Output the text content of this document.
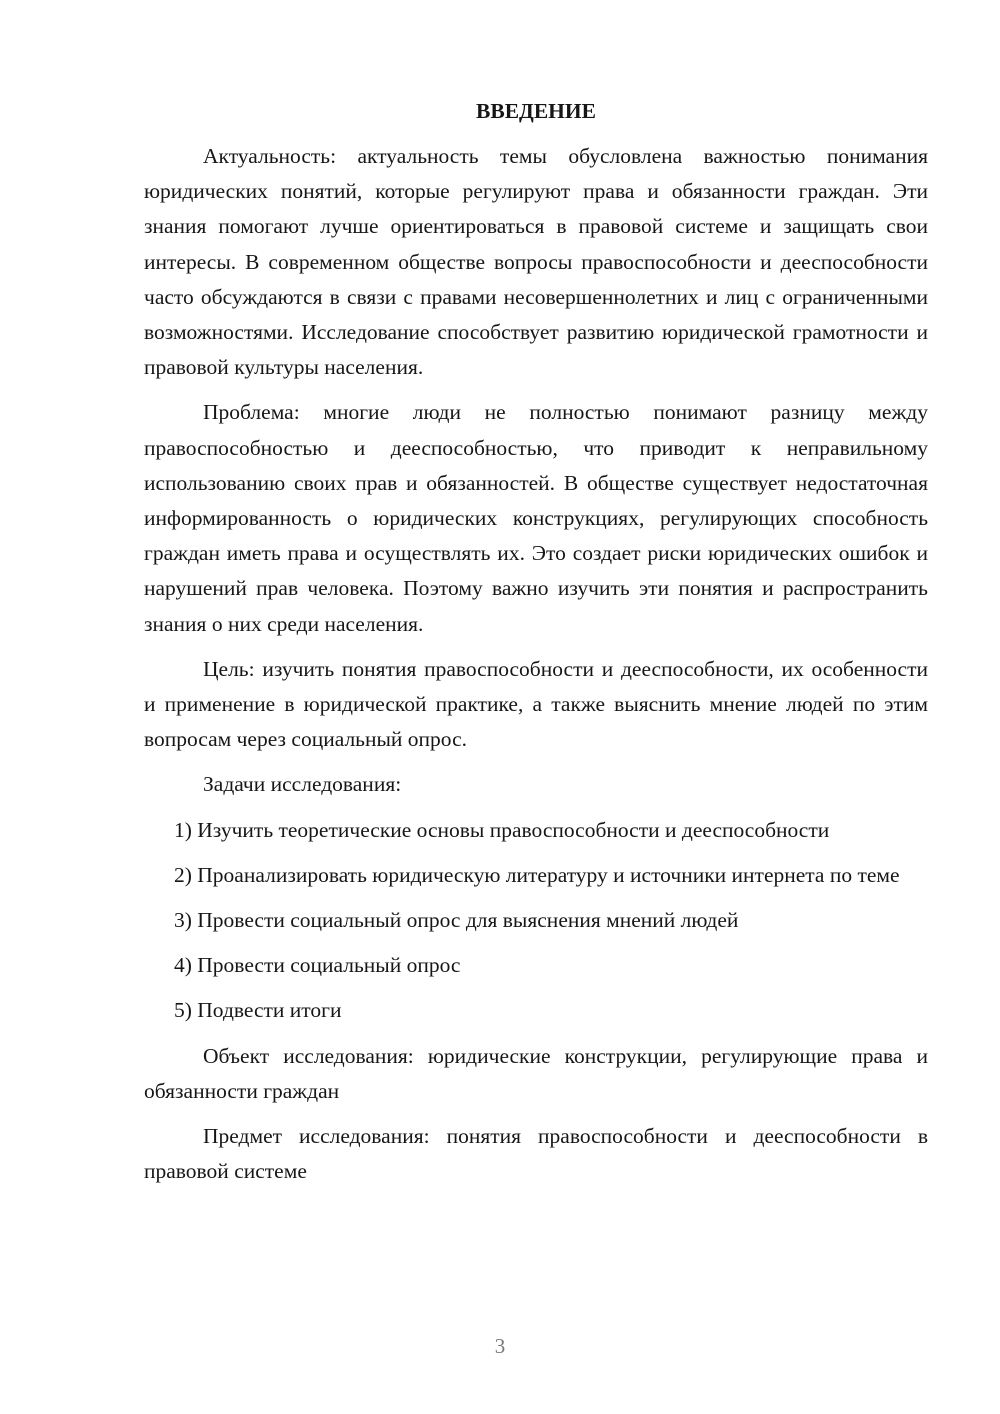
ВВЕДЕНИЕ

Актуальность: актуальность темы обусловлена важностью понимания юридических понятий, которые регулируют права и обязанности граждан. Эти знания помогают лучше ориентироваться в правовой системе и защищать свои интересы. В современном обществе вопросы правоспособности и дееспособности часто обсуждаются в связи с правами несовершеннолетних и лиц с ограниченными возможностями. Исследование способствует развитию юридической грамотности и правовой культуры населения.

Проблема: многие люди не полностью понимают разницу между правоспособностью и дееспособностью, что приводит к неправильному использованию своих прав и обязанностей. В обществе существует недостаточная информированность о юридических конструкциях, регулирующих способность граждан иметь права и осуществлять их. Это создает риски юридических ошибок и нарушений прав человека. Поэтому важно изучить эти понятия и распространить знания о них среди населения.

Цель: изучить понятия правоспособности и дееспособности, их особенности и применение в юридической практике, а также выяснить мнение людей по этим вопросам через социальный опрос.

Задачи исследования:

1) Изучить теоретические основы правоспособности и дееспособности

2) Проанализировать юридическую литературу и источники интернета по теме

3) Провести социальный опрос для выяснения мнений людей

4) Провести социальный опрос

5) Подвести итоги

Объект исследования: юридические конструкции, регулирующие права и обязанности граждан

Предмет исследования: понятия правоспособности и дееспособности в правовой системе

3
